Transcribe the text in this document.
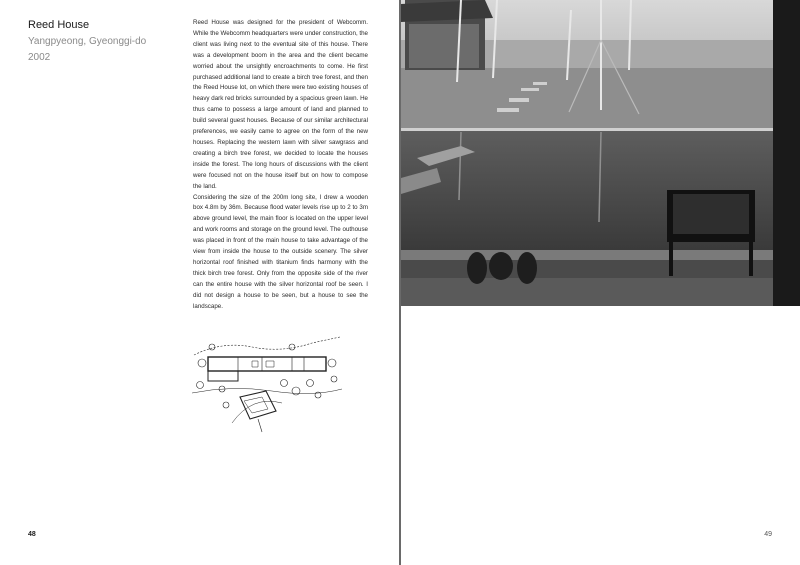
Reed House
Yangpyeong, Gyeonggi-do
2002

Reed House was designed for the president of Webcomm. While the Webcomm headquarters were under construction, the client was living next to the eventual site of this house. There was a development boom in the area and the client became worried about the unsightly encroachments to come. He first purchased additional land to create a birch tree forest, and then the Reed House lot, on which there were two existing houses of heavy dark red bricks surrounded by a spacious green lawn. He thus came to possess a large amount of land and planned to build several guest houses. Because of our similar architectural preferences, we easily came to agree on the form of the new houses. Replacing the western lawn with silver sawgrass and creating a birch tree forest, we decided to locate the houses inside the forest. The long hours of discussions with the client were focused not on the house itself but on how to compose the land.

Considering the size of the 200m long site, I drew a wooden box 4.8m by 36m. Because flood water levels rise up to 2 to 3m above ground level, the main floor is located on the upper level and work rooms and storage on the ground level. The outhouse was placed in front of the main house to take advantage of the view from inside the house to the outside scenery. The silver horizontal roof finished with titanium finds harmony with the thick birch tree forest. Only from the opposite side of the river can the entire house with the silver horizontal roof be seen. I did not design a house to be seen, but a house to see the landscape.

48	49
